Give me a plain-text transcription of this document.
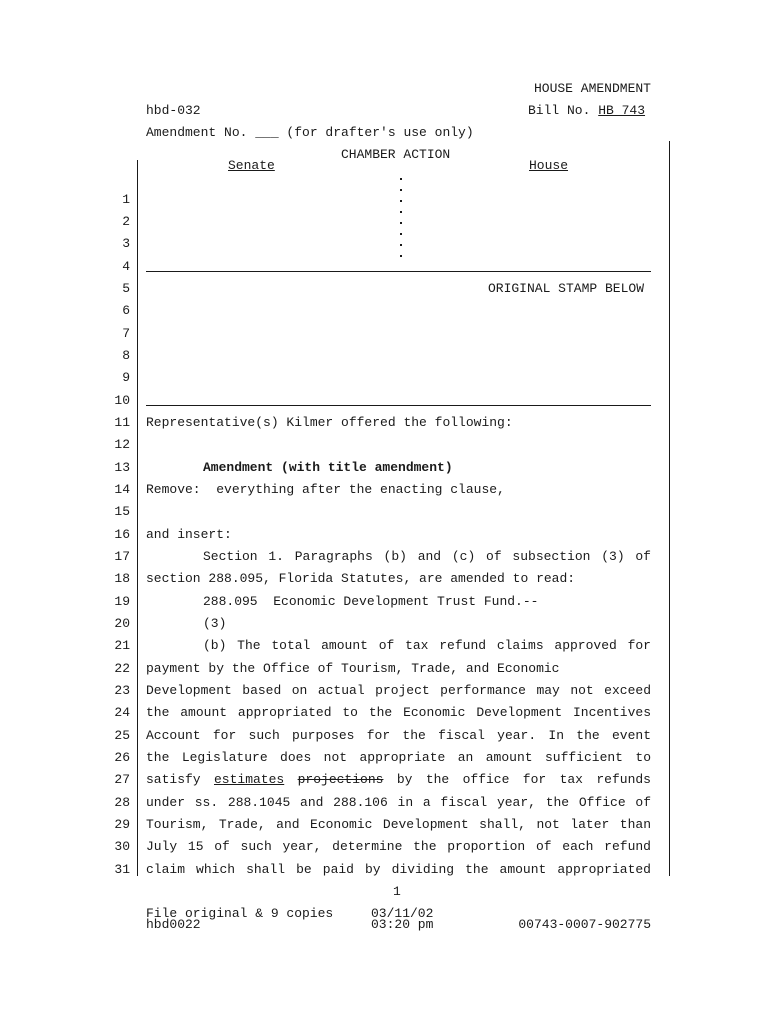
HOUSE AMENDMENT
hbd-032	Bill No. HB 743
Amendment No. ___ (for drafter's use only)
CHAMBER ACTION
Senate	House
ORIGINAL STAMP BELOW
1
2
3
4
5
6
7
8
9
10
11
12
13
14
15
16
17
18
19
20
21
22
23
24
25
26
27
28
29
30
31
Representative(s) Kilmer offered the following:
Amendment (with title amendment)
Remove:  everything after the enacting clause,
and insert:
Section 1. Paragraphs (b) and (c) of subsection (3) of
section 288.095, Florida Statutes, are amended to read:
288.095  Economic Development Trust Fund.--
(3)
(b) The total amount of tax refund claims approved for
payment by the Office of Tourism, Trade, and Economic
Development based on actual project performance may not exceed
the amount appropriated to the Economic Development Incentives
Account for such purposes for the fiscal year. In the event
the Legislature does not appropriate an amount sufficient to
satisfy estimates projections by the office for tax refunds
under ss. 288.1045 and 288.106 in a fiscal year, the Office of
Tourism, Trade, and Economic Development shall, not later than
July 15 of such year, determine the proportion of each refund
claim which shall be paid by dividing the amount appropriated
1
File original & 9 copies
hbd0022
03/11/02
03:20 pm	00743-0007-902775
